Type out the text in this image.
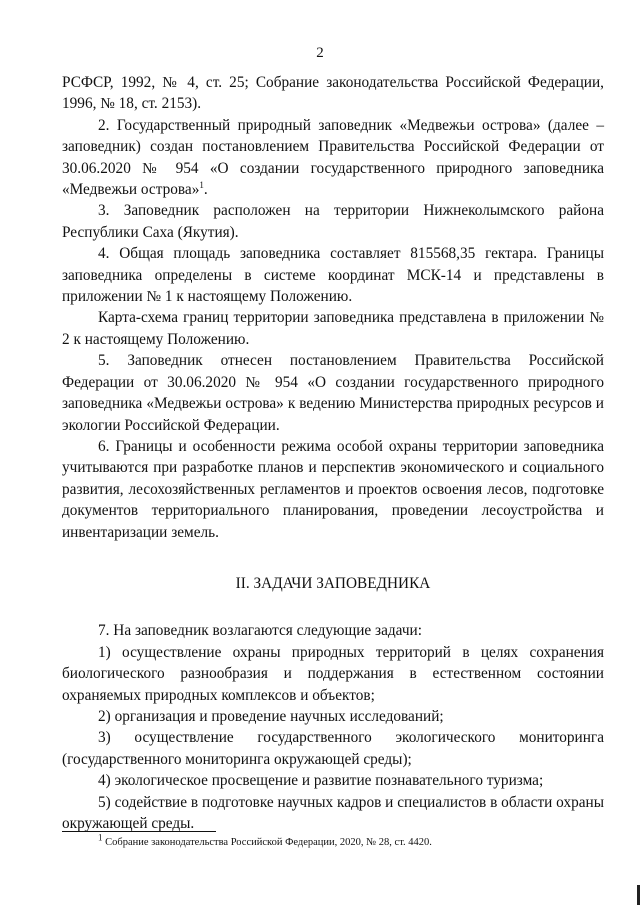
2

РСФСР, 1992, № 4, ст. 25; Собрание законодательства Российской Федерации, 1996, № 18, ст. 2153).

2. Государственный природный заповедник «Медвежьи острова» (далее – заповедник) создан постановлением Правительства Российской Федерации от 30.06.2020 № 954 «О создании государственного природного заповедника «Медвежьи острова»$^1$.

3. Заповедник расположен на территории Нижнеколымского района Республики Саха (Якутия).

4. Общая площадь заповедника составляет 815568,35 гектара. Границы заповедника определены в системе координат МСК-14 и представлены в приложении № 1 к настоящему Положению.

Карта-схема границ территории заповедника представлена в приложении № 2 к настоящему Положению.

5. Заповедник отнесен постановлением Правительства Российской Федерации от 30.06.2020 № 954 «О создании государственного природного заповедника «Медвежьи острова» к ведению Министерства природных ресурсов и экологии Российской Федерации.

6. Границы и особенности режима особой охраны территории заповедника учитываются при разработке планов и перспектив экономического и социального развития, лесохозяйственных регламентов и проектов освоения лесов, подготовке документов территориального планирования, проведении лесоустройства и инвентаризации земель.

II. ЗАДАЧИ ЗАПОВЕДНИКА

7. На заповедник возлагаются следующие задачи:

1) осуществление охраны природных территорий в целях сохранения биологического разнообразия и поддержания в естественном состоянии охраняемых природных комплексов и объектов;

2) организация и проведение научных исследований;

3) осуществление государственного экологического мониторинга (государственного мониторинга окружающей среды);

4) экологическое просвещение и развитие познавательного туризма;

5) содействие в подготовке научных кадров и специалистов в области охраны окружающей среды.

$^1$ Собрание законодательства Российской Федерации, 2020, № 28, ст. 4420.
